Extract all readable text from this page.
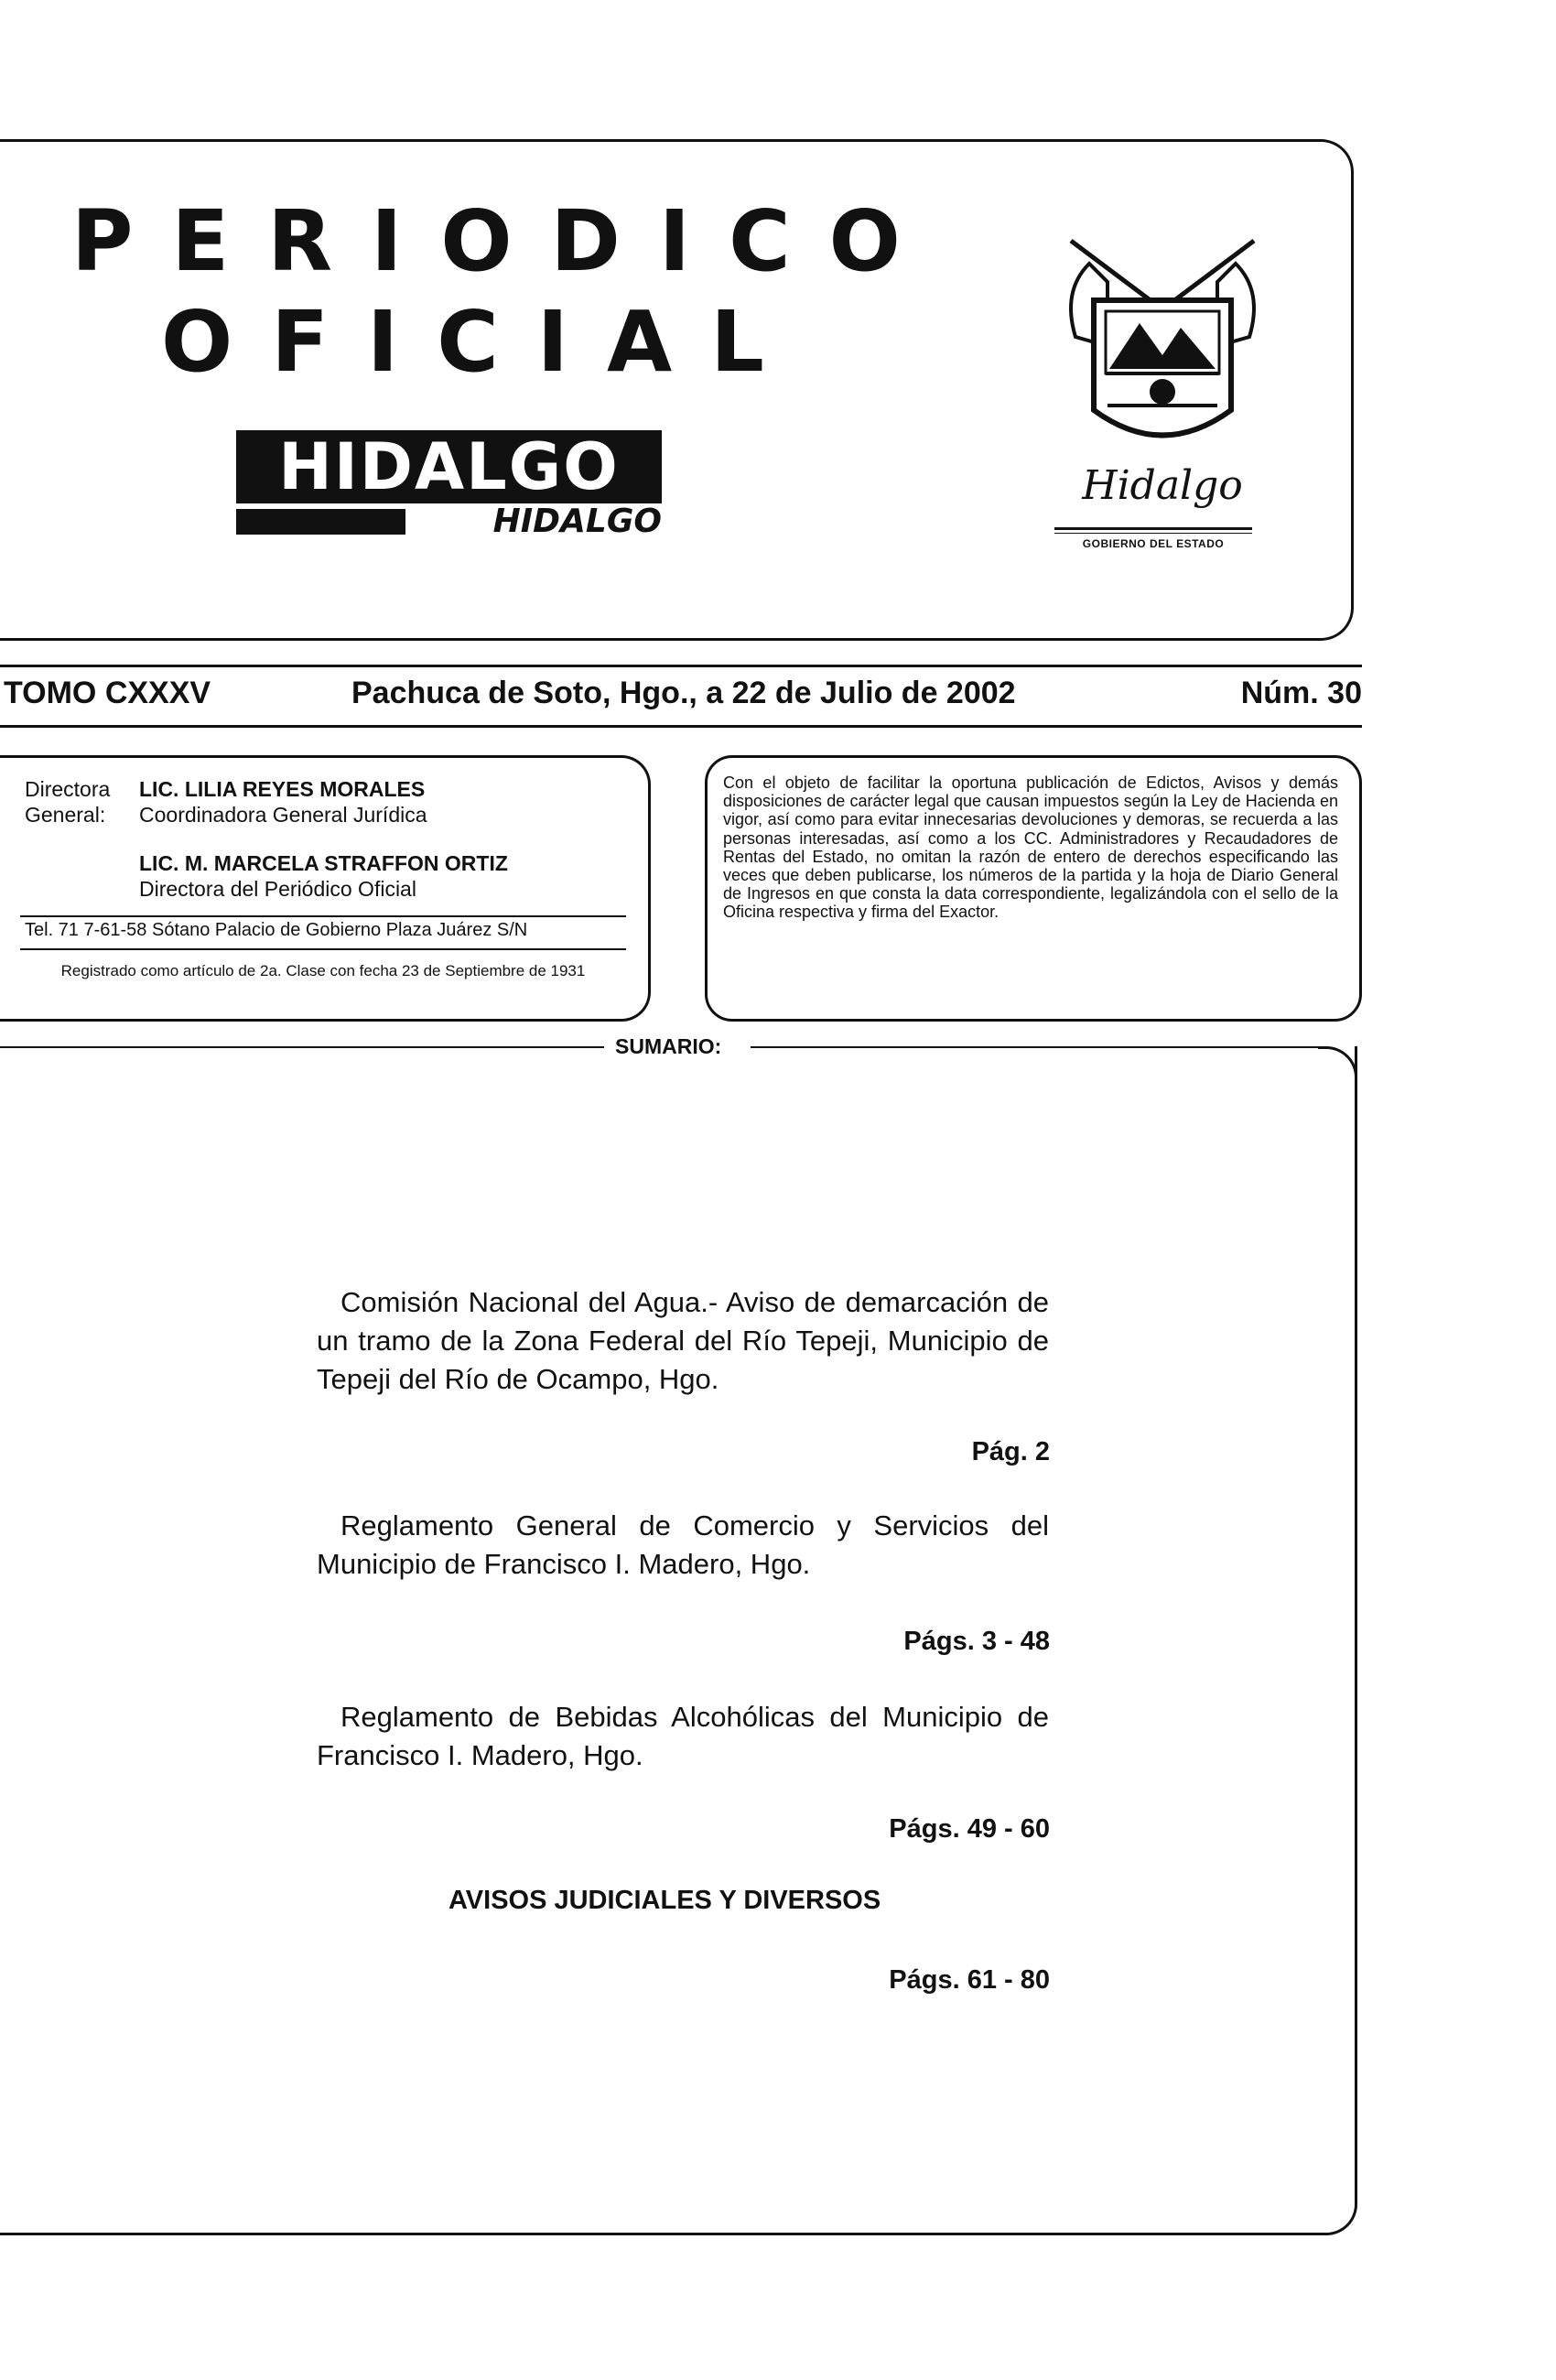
PERIODICO
OFICIAL
HIDALGO
HIDALGO
Hidalgo
GOBIERNO DEL ESTADO
TOMO CXXXV	Pachuca de Soto, Hgo., a 22 de Julio de 2002	Núm. 30
Directora
General:
LIC. LILIA REYES MORALES
Coordinadora General Jurídica
LIC. M. MARCELA STRAFFON ORTIZ
Directora del Periódico Oficial
Tel. 71 7-61-58 Sótano Palacio de Gobierno Plaza Juárez S/N
Registrado como artículo de 2a. Clase con fecha 23 de Septiembre de 1931
Con el objeto de facilitar la oportuna publicación de Edictos, Avisos y demás disposiciones de carácter legal que causan impuestos según la Ley de Hacienda en vigor, así como para evitar innecesarias devoluciones y demoras, se recuerda a las personas interesadas, así como a los CC. Administradores y Recaudadores de Rentas del Estado, no omitan la razón de entero de derechos especificando las veces que deben publicarse, los números de la partida y la hoja de Diario General de Ingresos en que consta la data correspondiente, legalizándola con el sello de la Oficina respectiva y firma del Exactor.
SUMARIO:
Comisión Nacional del Agua.- Aviso de demarcación de un tramo de la Zona Federal del Río Tepeji, Municipio de Tepeji del Río de Ocampo, Hgo.
Pág. 2
Reglamento General de Comercio y Servicios del Municipio de Francisco I. Madero, Hgo.
Págs. 3 - 48
Reglamento de Bebidas Alcohólicas del Municipio de Francisco I. Madero, Hgo.
Págs. 49 - 60
AVISOS JUDICIALES Y DIVERSOS
Págs. 61 - 80
